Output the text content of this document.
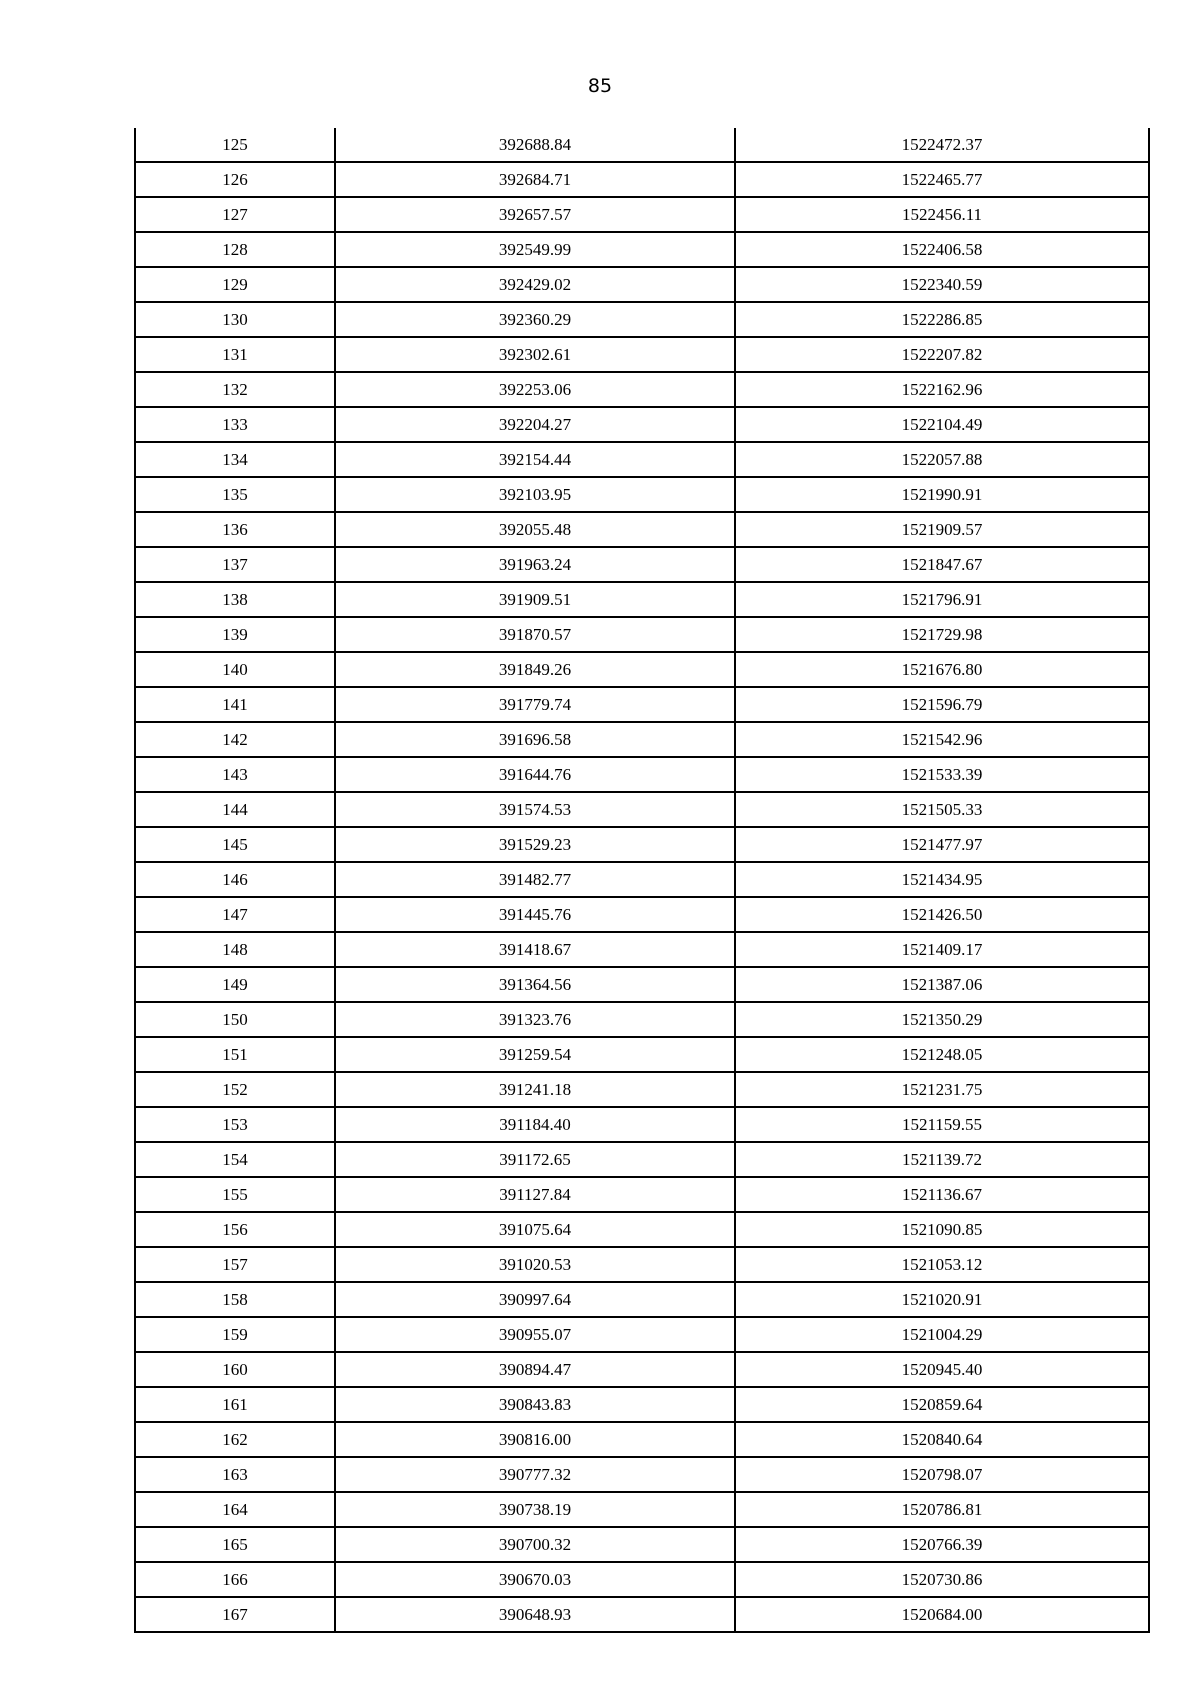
85
125	392688.84	1522472.37
126	392684.71	1522465.77
127	392657.57	1522456.11
128	392549.99	1522406.58
129	392429.02	1522340.59
130	392360.29	1522286.85
131	392302.61	1522207.82
132	392253.06	1522162.96
133	392204.27	1522104.49
134	392154.44	1522057.88
135	392103.95	1521990.91
136	392055.48	1521909.57
137	391963.24	1521847.67
138	391909.51	1521796.91
139	391870.57	1521729.98
140	391849.26	1521676.80
141	391779.74	1521596.79
142	391696.58	1521542.96
143	391644.76	1521533.39
144	391574.53	1521505.33
145	391529.23	1521477.97
146	391482.77	1521434.95
147	391445.76	1521426.50
148	391418.67	1521409.17
149	391364.56	1521387.06
150	391323.76	1521350.29
151	391259.54	1521248.05
152	391241.18	1521231.75
153	391184.40	1521159.55
154	391172.65	1521139.72
155	391127.84	1521136.67
156	391075.64	1521090.85
157	391020.53	1521053.12
158	390997.64	1521020.91
159	390955.07	1521004.29
160	390894.47	1520945.40
161	390843.83	1520859.64
162	390816.00	1520840.64
163	390777.32	1520798.07
164	390738.19	1520786.81
165	390700.32	1520766.39
166	390670.03	1520730.86
167	390648.93	1520684.00
